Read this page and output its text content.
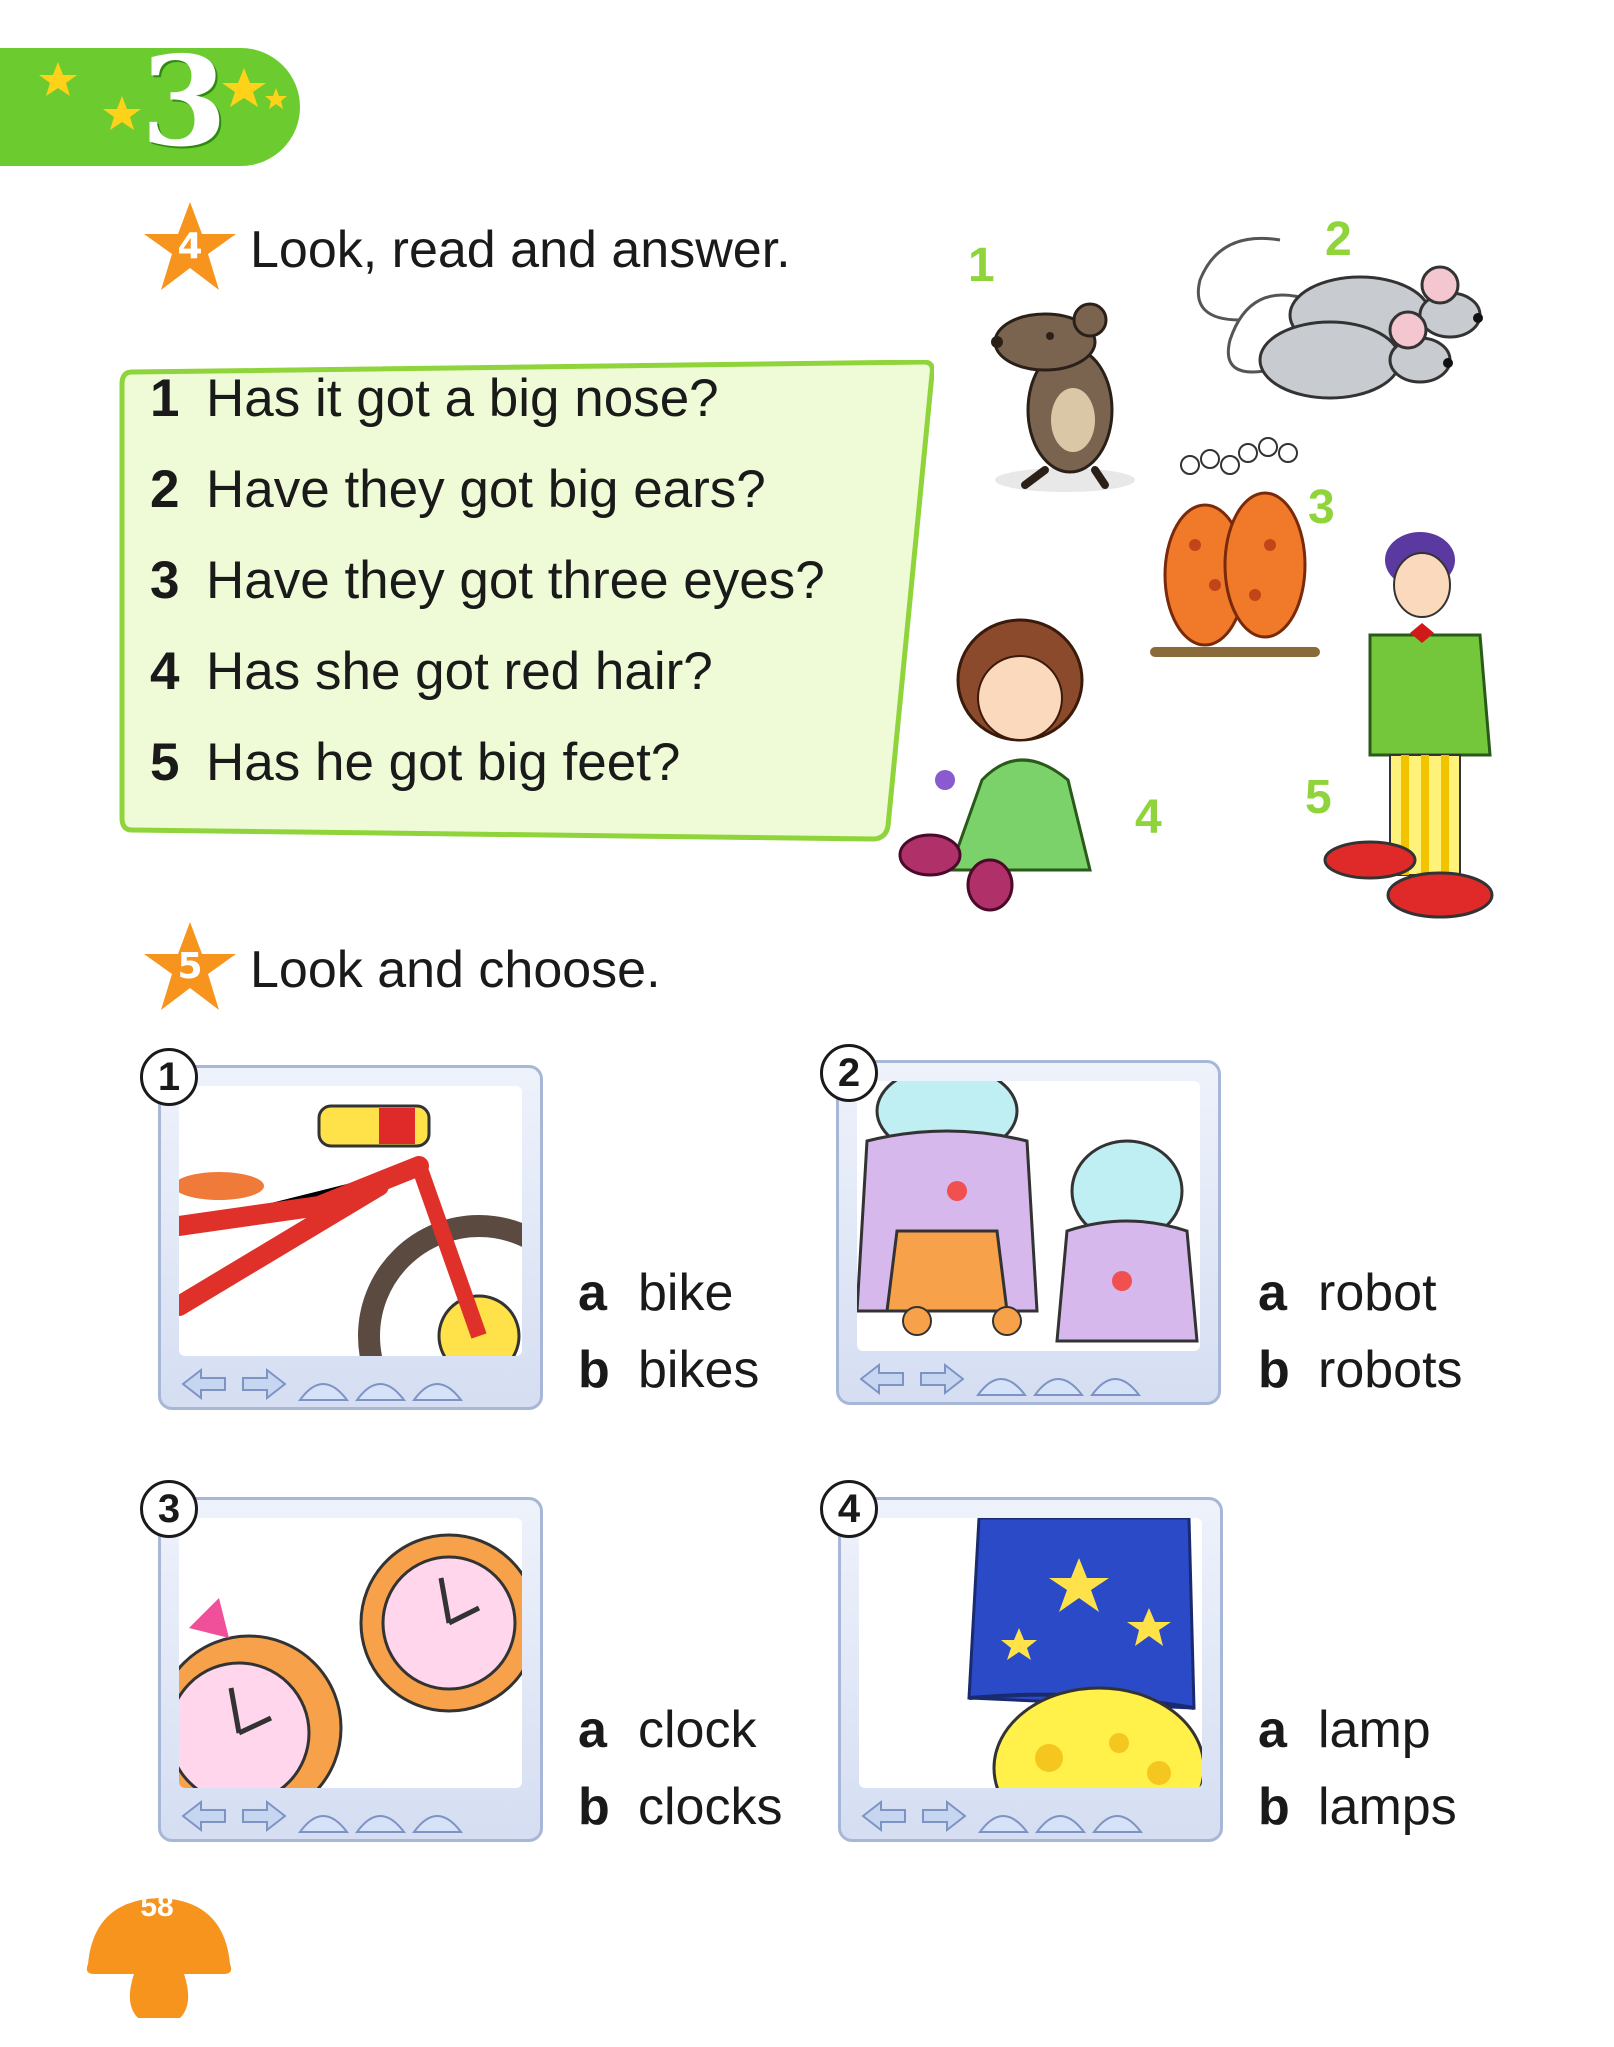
3
4 Look, read and answer.
1 Has it got a big nose?
2 Have they got big ears?
3 Have they got three eyes?
4 Has she got red hair?
5 Has he got big feet?
1	2
3
4	5
5 Look and choose.
1
a bike
b bikes
2
a robot
b robots
3
a clock
b clocks
4
a lamp
b lamps
58
